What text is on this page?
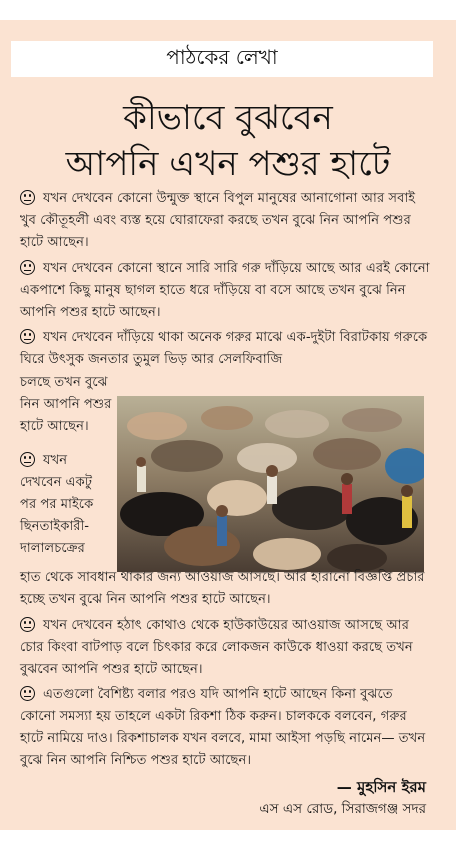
পাঠকের লেখা
কীভাবে বুঝবেন
আপনি এখন পশুর হাটে
যখন দেখবেন কোনো উন্মুক্ত স্থানে বিপুল মানুষের আনাগোনা আর সবাই খুব কৌতূহলী এবং ব্যস্ত হয়ে ঘোরাফেরা করছে তখন বুঝে নিন আপনি পশুর হাটে আছেন।
যখন দেখবেন কোনো স্থানে সারি সারি গরু দাঁড়িয়ে আছে আর এরই কোনো একপাশে কিছু মানুষ ছাগল হাতে ধরে দাঁড়িয়ে বা বসে আছে তখন বুঝে নিন আপনি পশুর হাটে আছেন।
যখন দেখবেন দাঁড়িয়ে থাকা অনেক গরুর মাঝে এক-দুইটা বিরাটকায় গরুকে ঘিরে উৎসুক জনতার তুমুল ভিড় আর সেলফিবাজি
চলছে তখন বুঝে নিন আপনি পশুর হাটে আছেন।
যখন দেখবেন একটু পর পর মাইকে ছিনতাইকারী-দালালচক্রের
হাত থেকে সাবধান থাকার জন্য আওয়াজ আসছে। আর হারানো বিজ্ঞপ্তি প্রচার হচ্ছে তখন বুঝে নিন আপনি পশুর হাটে আছেন।
যখন দেখবেন হঠাৎ কোথাও থেকে হাউকাউয়ের আওয়াজ আসছে আর চোর কিংবা বাটপাড় বলে চিৎকার করে লোকজন কাউকে ধাওয়া করছে তখন বুঝবেন আপনি পশুর হাটে আছেন।
এতগুলো বৈশিষ্ট্য বলার পরও যদি আপনি হাটে আছেন কিনা বুঝতে কোনো সমস্যা হয় তাহলে একটা রিকশা ঠিক করুন। চালককে বলবেন, গরুর হাটে নামিয়ে দাও। রিকশাচালক যখন বলবে, মামা আইসা পড়ছি নামেন— তখন বুঝে নিন আপনি নিশ্চিত পশুর হাটে আছেন।
— মুহসিন ইরম
এস এস রোড, সিরাজগঞ্জ সদর
